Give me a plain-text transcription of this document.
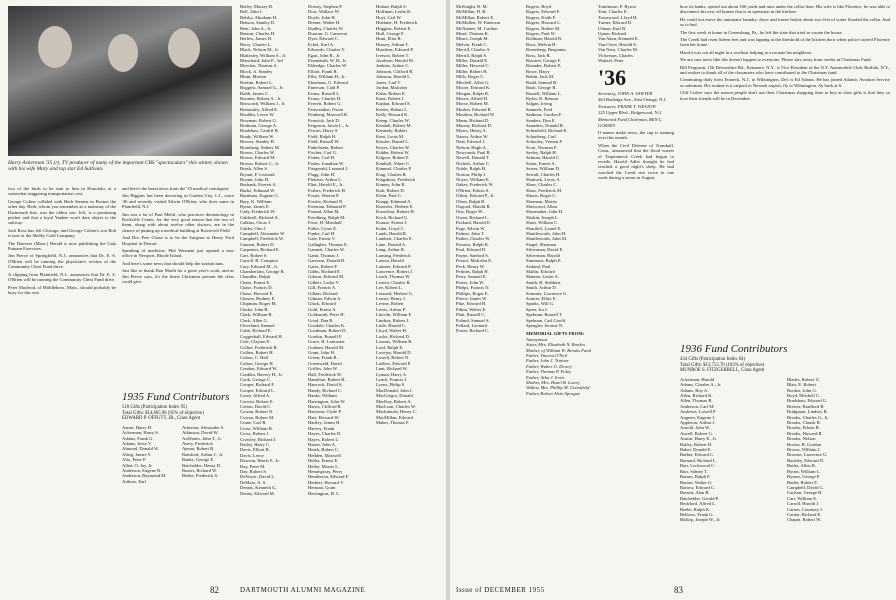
Harry Ackerman '35 (r), TV producer of many of the important CBS "spectaculars" this winter, shown with his wife Mary and top star Ed Sullivan.

two of the birds to be sent to him in Honolulu, at a somewhat staggering transportation cost.

George Colton collided with Herb Stearns in Boston the other day. Herb, whom you remember as a mainstay of the Dartmouth line, was the oldest son. Jeff, is a promising pitcher and that a loyal Yankee won't dare object to the subway.

Jack Ross has left Chicago, and George Colton's son Bob is now at the Shelby Gold Company.

The Danvers (Mass.) Herald is now publishing the Gala Putnam Exercises.

Jim Pierce of Springfield, N.J., announces that Dr. E. S. O'Brien will be running the physician's section of the Community Chest Fund drive.

A clipping from Plainfield, N.J., announces that Dr. E. S. O'Brien will be running the Community Chest Fund drive.

Peter Macleod, of Middleboro, Mass., should probably be busy for this one.

and here's the latest news from the '35 medical contingent:

Jim Higgins has been doctoring in Garden City, L.I., since '46 and recently visited Edwin O'Brien, who does same in Plainfield, N.J.

Jim was a lot of Paul Mehrl, who practices dermatology in Rockville Center, for the very good reason that the two of them, along with about twelve other doctors, are in the chance of putting up a medical building at Roosevelt Field.

And Doc Pete Chase is to be the Surgeon at Henry Ford Hospital in Detroit.

Speaking of medicine, Phil Waxman just opened a new office in Newport, Rhode Island.

And here's some news that should help the statisticians.

Just like to thank Don Marth for a great year's work, and as Jim Pierce says, it's the finest Christmas present the class could give.

1935 Fund Contributors
518 Gifts (Participation Index 95)
Total Gifts: $14,665.96 (95% of objective)
EDWARD P. OFFUTT, JR., Class Agent
Aaron, Harry H.
Ackerman, Harry S.
Adams, Frank G.
Adams, Jesse V.
Almond, Donald W.
Altrig, James V.
Alix, Peter P.
Allen, O. Jay, Jr.
Anderson, Eugene R.
Anderson, Raymond M.
Arthurs, Earl
Atherton, Alexander S.
Atkinson, David W.
AuWarter, John T., Jr.
Avery, Frederick
Aymar, Robert B.
Bamford, Arthur J., Jr.
Banks, George E.
Batchelder, Henry D.
Baxter, Richard W.
Beebe, Frederick S.
Beiley, Murray B.
Bell, John J.
Belsky, Abraham H.
Benson, Stanley D.
Bent, John A., Jr.
Benton, Charles H.
Berlew, James H.
Berry, Charles L.
Black, Nelson M., Jr.
Blakesley, William S., Jr.
Blanchard, John P., 3rd
Bleicher, Thomas A.
Block, A. Stanley
Blum, Morton
Boehm, Robert L.
Boggess, Samuel G., Jr.
Boldt, James C.
Boomer, Robert A., Jr.
Bosworth, William J., Jr.
Bottomley, Alfred E.
Bouldin, Lewis W.
Bowman, Robert G.
Brafman, George A.
Bradshaw, Cardiff B.
Brady, William W.
Brewer, Stanley H.
Bromberg, Sidney M.
Brown, Charles W.
Brown, Edward M.
Brown, Robert C., Jr.
Brush, Allen S.
Bryant, F. Leonard
Bryant, John H.
Burbank, Everett A.
Burke, Edmund W.
Burnham, Eugene G.
Bury, K. William
Byrne, James E.
Cady, Frederick W.
Caldwell, Richard A.
Calkins, Oscar J.
Calder, Otto J.
Campbell, Alexander W.
Campbell, Frederick W.
Cannon, Robert D.
Carpenter, Richard E.
Carr, Robert S.
Carroll, B. Compton
Cary, Edward M., Jr.
Chamberlain, George R.
Chandler, Ralph
Chase, Ernest E.
Chase, Francis D.
Chase, Howard E.
Chester, Rodney E.
Chipman, Roger M.
Clarke, John B.
Clark, William B.
Clark, Allen G.
Cleveland, Samuel
Cobb, Richard E.
Coggeshall, Edward H.
Cole, Clayton E.
Collier, Frederick R.
Collins, Robert H.
Colton, C. Hall
Colton, George H.
Condon, Edward W.
Conklin, Harvey H., Jr.
Cook, George C.
Cooper, Richard F.
Cooper, Edward L.
Corey, Alfred A.
Corwin, Robert E.
Cotton, David C.
Cowan, Robert N.
Cowan, Robert M.
Crane, Carl R.
Cross, William B.
Cross, Robert J.
Crowley, Richard J.
Dailey, Harry C.
Davis, Elliott B.
Davis, Leroy
Dawson, Harris F., Jr.
Day, Peter M.
Day, Robert S.
DeNoyer, David L.
DeMaio, A. S.
Dennis, Kenneth G.
Denny, Edward M.
Dorsey, Stephen P.
Dow, Wallace W.
Doyle, John H.
Dreuer, Walter H.
Dudley, Charles W.
Duncan, G. Cameron
Dyer, Edward C.
Eckel, Karl A.
Edwards, Charles Y.
Egan, John R., Jr.
Eisendrath, W. B., Jr.
Eldredge, Charles W.
Elliott, Frank R.
Ellis, William H., Jr.
Ebenhaus, G. Edward
Emerson, Cald P.
Evans, Russell L.
Evans, Charles H.
Everett, Robert G.
Fairweather, Owen
Feinberg, Maxwell R.
Fenwick, Jack D.
Ferguson, Jacob L., Jr.
Ferries, Harry S.
Field, Ralph H.
Field, Russell W.
Finkelstein, Robert
Fischer, Carl G.
Fisher, Carl H.
Fisher, Jonathan W.
Fitzgerald, Leonard J.
Flagg, John H.
Fletcher, Arthur L.
Flint, Harold E., Jr.
Forbes, Frederick H.
Foster, Warren P.
Fowler, Richard N.
Freeman, Edmund P.
Freund, Allan M.
Friedberg, Ralph M.
Frost, H. Marshall
Fuller, Cyrus E.
Funke, Carl H.
Gale, Ernest V.
Gallagher, Thomas E.
Gannett, Charles W.
Gantt, Thomas J.
Garrison, Donald B.
Gates, Robert F.
Gibbs, Richard E.
Gibson, Edward M.
Gilbert, Leslie V.
Gill, Francis A.
Gillam, Richard
Gilman, Edwin A.
Gluck, Edward
Gold, Ernest A.
Goldsmith, Peter H.
Good, Dan R.
Goodale, Charles K.
Goodman, Robert D.
Gordon, Russell F.
Grace, H. Lancaster
Graham, Harold M.
Grant, John H.
Green, Frank B.
Greenwald, David
Griffin, John W.
Hall, Frederick W.
Hamilton, Robert R.
Hancock, David S.
Handy, Richard C.
Hanks, William
Harrington, John W.
Harris, Clifford R.
Harrison, Clyde P.
Hart, Howard W.
Hartley, James H.
Harvey, Frank
Hayes, Charles D.
Hayes, Robert L.
Hazen, John A.
Heath, Robert C.
Hedden, Maxwell
Heller, Ernest E.
Heller, Morris L.
Hemingway, Perry
Henderson, Edward F.
Herbert, Howard V.
Herman, Grant
Herrington, H. C.
Hobart, Ralph S.
Hoffman, Leslie R.
Hoyt, Carl W.
Huebner, H. Frederick
Huggins, Robert E.
Hull, George F.
Hunt, Eliot R.
Hussey, Adrian T.
Hutchins, Edward P.
Iverson, Robert T.
Jacobsen, Harold M.
Jenkins, Arthur C.
Johnson, Clifford B.
Johnson, Harold L.
Jones, Carl T.
Jordan, Malcolm
Kahn, Robert E.
Kane, Robert J.
Kaplan, Edward S.
Keeler, Hobart L.
Kelly, Howard K.
Kemp, Charles W.
Kendall, Robert M.
Kennedy, Robert
Kent, Louis M.
Kessler, Daniel L.
Keyes, Charles W.
Kidder, Robert W.
Kilgore, Robert F.
Kimball, Albert C.
Kimmel, Charles P.
King, Charles R.
Kingsbury, Frederick
Kinney, John R.
Kirk, Robert D.
Klein, Paul C.
Knapp, Edmund A.
Knowles, Herbert E.
Knowlton, Robert H.
Koch, Richard G.
Krause, Ernest J.
Kuhn, Lloyd C.
Lamb, Harold R.
Lambert, Charles E.
Lane, Donald A.
Lang, Arthur R.
Lansing, Frederick
Larson, Harold
Latimer, Edward P.
Lawrence, Robert J.
Leach, Thomas W.
Leavitt, Charles R.
Lee, Robert L.
Leonard, Herbert G.
Lerner, Henry J.
Levine, Robert
Lewis, Arthur P.
Lincoln, William F.
Lindsay, Robert J.
Little, Harold C.
Lloyd, Walter H.
Locke, Richard D.
Loomis, William B.
Lord, Ralph E.
Lovejoy, Harold D.
Lowell, Robert N.
Ludlow, Edward P.
Lunt, Richard W.
Lyman, Harry A.
Lynch, Francis J.
Lyons, Philip S.
MacDonald, John J.
MacGregor, Donald
MacKay, Robert A.
MacLean, Charles W.
Mackintosh, Henry C.
MacMillan, Edward
Maher, Thomas F.
82	DARTMOUTH ALUMNI MAGAZINE
McKnight, R. M.
McMillan, H. B.
McMillan, Robert E.
McMullen, W. Emerson
McNamee, M. Carlton
Mead, Thomas K.
Mears, Joseph M.
Melvin, Frank C.
Merrill, Charles A.
Merrill, Ralph S.
Miller, Donald E.
Miller, Howard C.
Miller, Robert H.
Mills, Roger C.
Mitchell, Allen G.
Moore, Edward K.
Morgan, Ralph R.
Morris, Alfred H.
Morse, Robert M.
Mosher, Edward R.
Moulton, Richard W.
Munn, Richard D.
Murray, Richard D.
Myers, Henry A.
Nason, Arthur W.
Neal, Edward J.
Nelson, Hugh A.
Newcomb, Paul R.
Newell, Donald T.
Nichols, Arthur C.
Noble, Ralph H.
Norton, Philip J.
Noyes, William E.
Oakes, Frederick W.
O'Brien, Edwin S.
Offutt, Edward P., Jr.
Olsen, Ralph B.
Osgood, Harold R.
Otis, Roger W.
Owen, Richard L.
Packard, Harold E.
Page, Edwin W.
Palmer, John T.
Parker, Charles W.
Parsons, Ralph K.
Paul, Edward D.
Payne, Sanford S.
Pearce, Malcolm E.
Peck, Henry W.
Perkins, Ralph H.
Perry, Samuel E.
Peters, John W.
Phelps, Francis N.
Phillips, Roger E.
Pierce, James W.
Pike, Edward H.
Pitkin, Walter E.
Platt, Russell C.
Poland, Samuel S.
Pollard, Leonard
Porter, Richard C.
Rogers, Boyd
Rogers, Edward F.
Rogers, Keith F.
Rogers, Howard L.
Rogers, Robert M.
Rogers, Paul W.
Rollman, Harold B.
Roos, Melvin H.
Rosenberg, Benjamin
Ross, Jack R.
Rossiter, George F.
Rounder, Robert E.
Rowe, Harry
Rubin, Jack M.
Rudd, Samuel B.
Rush, George R.
Russell, William L.
Ryder, R. Benson
Salgan, Irving
Samuels, Fred
Sanborn, Gordon F.
Sanders, Don E.
Saunders, Donald B.
Schenfield, Richard E.
Schonberg, Carl
Schooley, Vernon F.
Scott, Norman F.
Seeley, Ralph H.
Selman, Harold C.
Seton, Ernest A.
Setzer, William D.
Sewall, Charles H.
Shattuck, Leroy A.
Shaw, Charles C.
Shaw, Frederick M.
Shorts, Roger C.
Sherman, Morris
Sherwood, Allan
Shoemaker, John H.
Shokin, Joseph L.
Short, William C.
Shurtleff, Lionel E.
Shuttleworth, John H.
Shuttleworth, John M.
Siegel, Sherman
Silverman, David E.
Silverman, Harold
Simmons, Ralph E.
Siskind, Paul
Skillin, Edward
Skinner, Lester S.
Smith, R. Stebbins
Smith, Arthur D.
Sommer, Lawrence G.
Soutter, Elliot E.
Sparks, Will G.
Speer, Ira J.
Spelman, Russell T.
Spelman, Carl Goold.
Spengler, Jerome N.
MEMORIAL GIFTS FROM:
Anonymous
Sister, Mrs. Elizabeth N. Bowles
Mother, of William W. Brooks Fund
Father, Vincent O'Neil
Father, John J. Trainor
Father, Walter O. Dewey
Father, Thomas P. Foley
Father, Arba J. Irvin
Mother, Mrs. Hazel B. Lawry
Widow, Mrs. Phillip M. Greenfield
Father, Robert Alvin Sprague
Tomlinson, F. Byron
Toni, Charles E.
Townwood, Lloyd H.
Turner, Edward D.
Ulman, Karl B.
Upton, Richard
Van Aken, Kenneth E.
Van Cleve, Harold S.
Van Ness, Charles M.
Vickerson, Charles
Waitzel, Peter
'36
Secretary, JOHN A. SAWYER
463 Rutledge Ave., East Orange, N.J.
Treasurer, FRANK T. WESTON
125 Upper Blvd., Ridgewood, N.J.
Memorial Fund Chairman, BEN L. GOSNEY

If names make news, the cup is running over this month.

When the Civil Defense of Trumbull, Conn., announced that the flood waters of Tequonnock Creek had begun to recede, Harold Adler thought he had reached a good night's sleep. He had watched the Creek rise twice in one week during a storm in August.

bow its banks, spread out about 100 yards and runs under the cellar door. His wife is like Florence, he was able to disconnect his new oil burner that is in operation in the kitchen.

He could not move the automatic laundry, dryer and ironer before about two feet of water flooded the cellar. And so to bed.

The first week at home in Greensburg, Pa., he left the state that tried to vacate the house.

The Creek had risen fifteen feet and was lapping at the threshold of the kitchen door when police carried Florence from her home.

Harold was out all night in a rowboat helping to evacuate his neighbors.

We are sure news like this doesn't happen to everyone. Please stay away from creeks in Christmas Fund.

Bill Ferguson, 156 Devonshire Rd., Kenmore, N.Y., is Vice President of the N.Y. Automobile Club, Buffalo, N.Y., and wishes to thank all of the classmates who have contributed to the Christmas fund.

Commuting daily from Teaneck, N.J., to Wilmington, Del. is Ed Adams. He has joined Atlantic Aviation Service as salesman. His routine is a carpool to Newark airport, fly to Wilmington, fly back at 6.

Cliff Culver says the reason people don't use their Christmas shopping time to buy at class gifts is that they so love their friends will be in December.

1936 Fund Contributors
434 Gifts (Participation Index 84)
Total Gifts: $13,753.70 (103% of objective)
MUNROE S. FITZGERRELL, Class Agent
Ackerman, Harold
Adams, Charles A., Jr.
Adams, Roy A.
Allen, Richard K.
Allen, Thomas R.
Anderson, Carl M.
Andrews, Lowell P.
Angerer, Eugene J.
Appleton, Arthur J.
Arnold, John W.
Atwell, Robert G.
Austin, Harry E., Jr.
Bailey, Robert H.
Baker, Donald E.
Barber, Edward C.
Barnard, Richard L.
Barr, Lockwood C.
Barr, Sidney T.
Barnes, Ralph F.
Barton, Walter G.
Bartow, Edward C.
Bassett, Alan B.
Batchelder, Gerald P.
Beckford, Alfred L.
Beebe, Ralph K.
Bellows, Frank G.
Bishop, Joseph W., Jr.
Blades, Robert U.
Blair, E. Robert
Booker, John G.
Boyd, Mitchell C.
Bradshaw, Edward G.
Brewer, Bradford B.
Bridgman, Lindsey B.
Brooks, Charles G., Jr.
Brooks, Claude R.
Brooks, Edwin R.
Brooks, Howard R.
Brooks, Nelson
Brown, B. Gordon
Brown, William J.
Browne, Lawrence G.
Buckley, Edward D.
Butler, Allen B.
Byron, William L.
Byrnes, George P.
Butler, Robert F.
Campbell, David G.
Carlson, George H.
Carr, William E.
Carroll, Harold J.
Carton, Courtney J.
Cartter, Richard E.
Chapin, Robert W.
Issue of DECEMBER 1955	83
